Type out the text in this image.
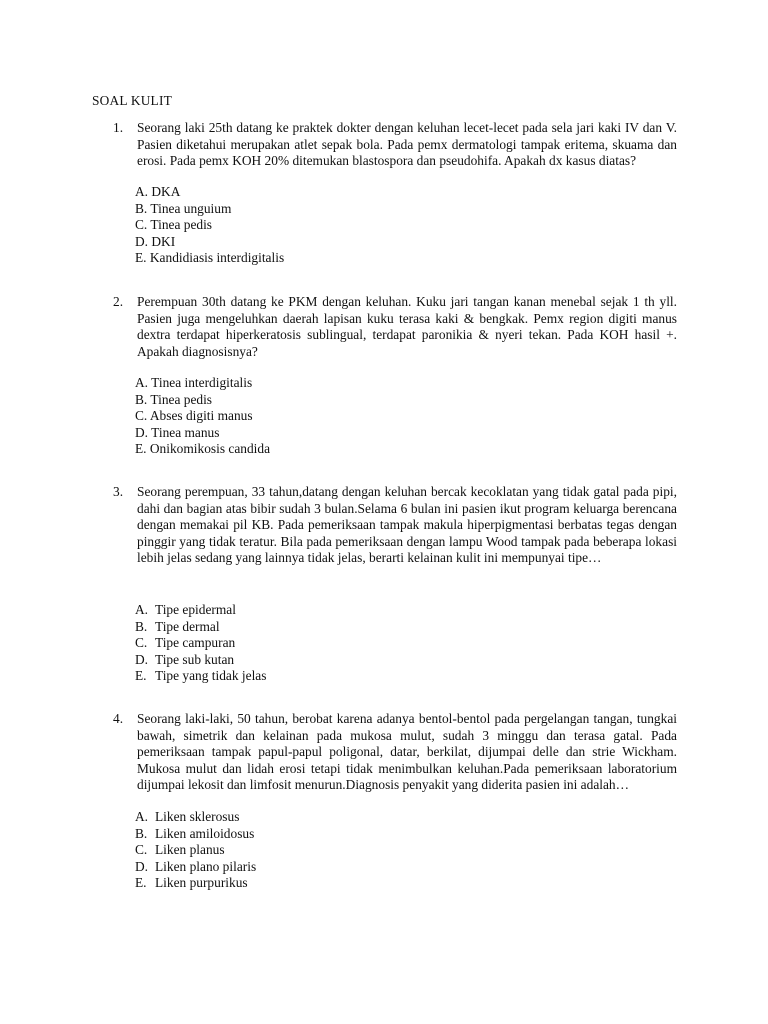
SOAL KULIT
1. Seorang laki 25th datang ke praktek dokter dengan keluhan lecet-lecet pada sela jari kaki IV dan V. Pasien diketahui merupakan atlet sepak bola. Pada pemx dermatologi tampak eritema, skuama dan erosi. Pada pemx KOH 20% ditemukan blastospora dan pseudohifa. Apakah dx kasus diatas?

A. DKA
B. Tinea unguium
C. Tinea pedis
D. DKI
E. Kandidiasis interdigitalis
2. Perempuan 30th datang ke PKM dengan keluhan. Kuku jari tangan kanan menebal sejak 1 th yll. Pasien juga mengeluhkan daerah lapisan kuku terasa kaki & bengkak. Pemx region digiti manus dextra terdapat hiperkeratosis sublingual, terdapat paronikia & nyeri tekan. Pada KOH hasil +. Apakah diagnosisnya?

A. Tinea interdigitalis
B. Tinea pedis
C. Abses digiti manus
D. Tinea manus
E. Onikomikosis candida
3. Seorang perempuan, 33 tahun,datang dengan keluhan bercak kecoklatan yang tidak gatal pada pipi, dahi dan bagian atas bibir sudah 3 bulan.Selama 6 bulan ini pasien ikut program keluarga berencana dengan memakai pil KB. Pada pemeriksaan tampak makula hiperpigmentasi berbatas tegas dengan pinggir yang tidak teratur. Bila pada pemeriksaan dengan lampu Wood tampak pada beberapa lokasi lebih jelas sedang yang lainnya tidak jelas, berarti kelainan kulit ini mempunyai tipe…

A. Tipe epidermal
B. Tipe dermal
C. Tipe campuran
D. Tipe sub kutan
E. Tipe yang tidak jelas
4. Seorang laki-laki, 50 tahun, berobat karena adanya bentol-bentol pada pergelangan tangan, tungkai bawah, simetrik dan kelainan pada mukosa mulut, sudah 3 minggu dan terasa gatal. Pada pemeriksaan tampak papul-papul poligonal, datar, berkilat, dijumpai delle dan strie Wickham. Mukosa mulut dan lidah erosi tetapi tidak menimbulkan keluhan.Pada pemeriksaan laboratorium dijumpai lekosit dan limfosit menurun.Diagnosis penyakit yang diderita pasien ini adalah…

A. Liken sklerosus
B. Liken amiloidosus
C. Liken planus
D. Liken plano pilaris
E. Liken purpurikus
